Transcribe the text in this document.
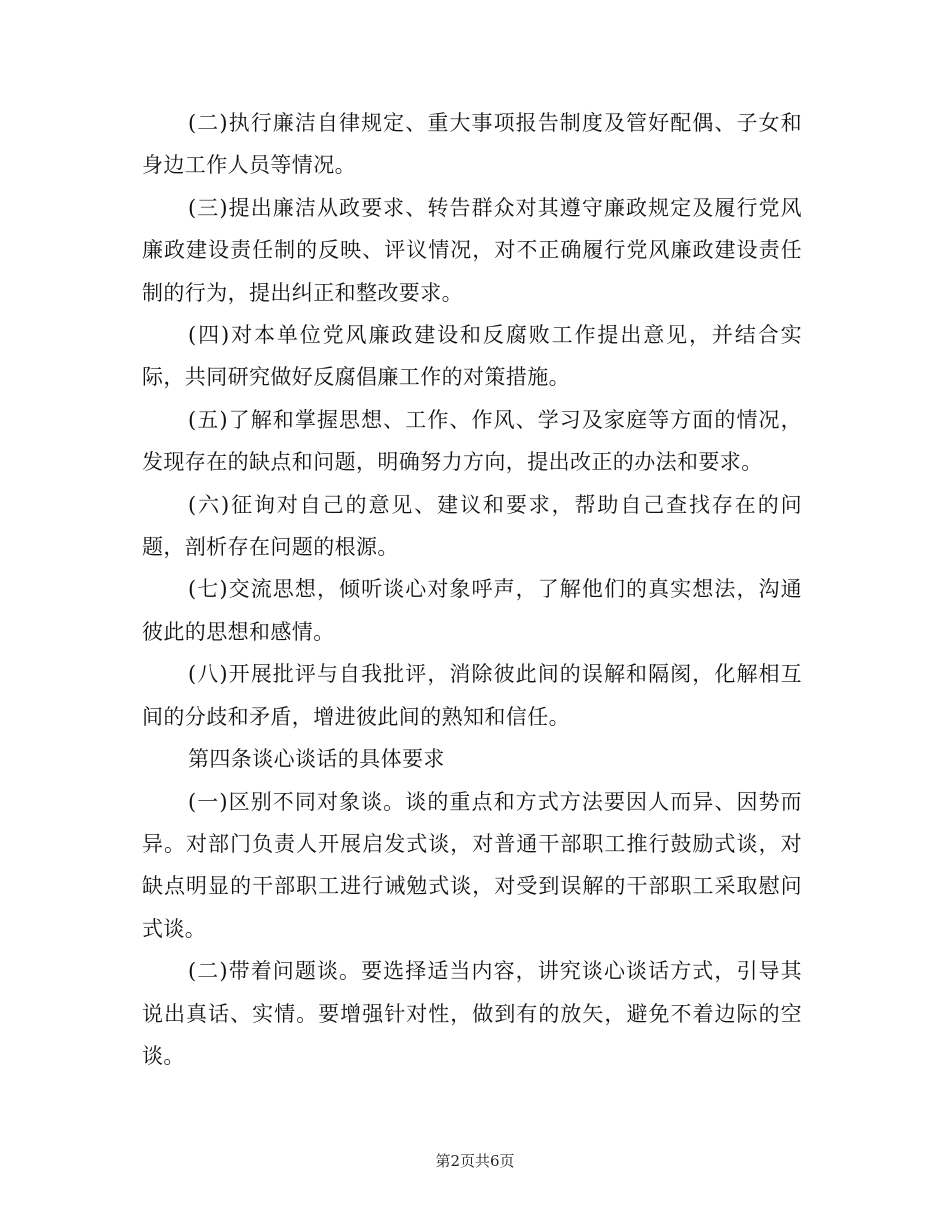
(二)执行廉洁自律规定、重大事项报告制度及管好配偶、子女和身边工作人员等情况。

(三)提出廉洁从政要求、转告群众对其遵守廉政规定及履行党风廉政建设责任制的反映、评议情况，对不正确履行党风廉政建设责任制的行为，提出纠正和整改要求。

(四)对本单位党风廉政建设和反腐败工作提出意见，并结合实际，共同研究做好反腐倡廉工作的对策措施。

(五)了解和掌握思想、工作、作风、学习及家庭等方面的情况，发现存在的缺点和问题，明确努力方向，提出改正的办法和要求。

(六)征询对自己的意见、建议和要求，帮助自己查找存在的问题，剖析存在问题的根源。

(七)交流思想，倾听谈心对象呼声，了解他们的真实想法，沟通彼此的思想和感情。

(八)开展批评与自我批评，消除彼此间的误解和隔阂，化解相互间的分歧和矛盾，增进彼此间的熟知和信任。

第四条谈心谈话的具体要求

(一)区别不同对象谈。谈的重点和方式方法要因人而异、因势而异。对部门负责人开展启发式谈，对普通干部职工推行鼓励式谈，对缺点明显的干部职工进行诫勉式谈，对受到误解的干部职工采取慰问式谈。

(二)带着问题谈。要选择适当内容，讲究谈心谈话方式，引导其说出真话、实情。要增强针对性，做到有的放矢，避免不着边际的空谈。

第2页共6页
